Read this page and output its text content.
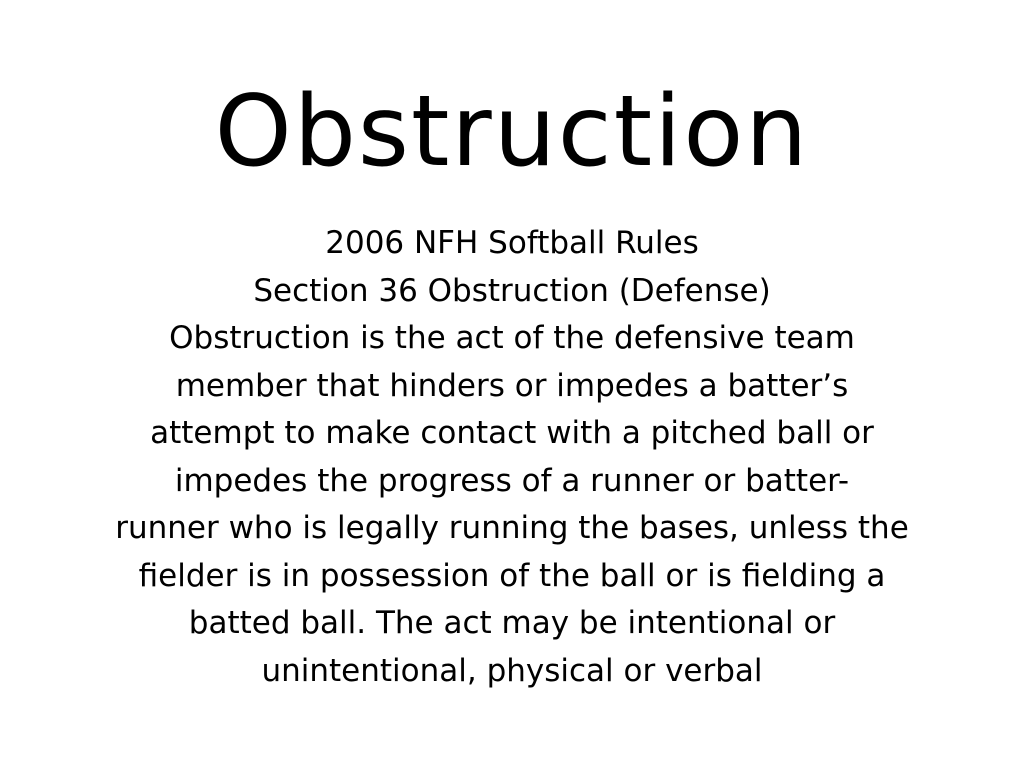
Obstruction
2006 NFH Softball Rules
Section 36 Obstruction (Defense)
Obstruction is the act of the defensive team
member that hinders or impedes a batter’s
attempt to make contact with a pitched ball or
impedes the progress of a runner or batter-
runner who is legally running the bases, unless the
fielder is in possession of the ball or is fielding a
batted ball. The act may be intentional or
unintentional, physical or verbal
